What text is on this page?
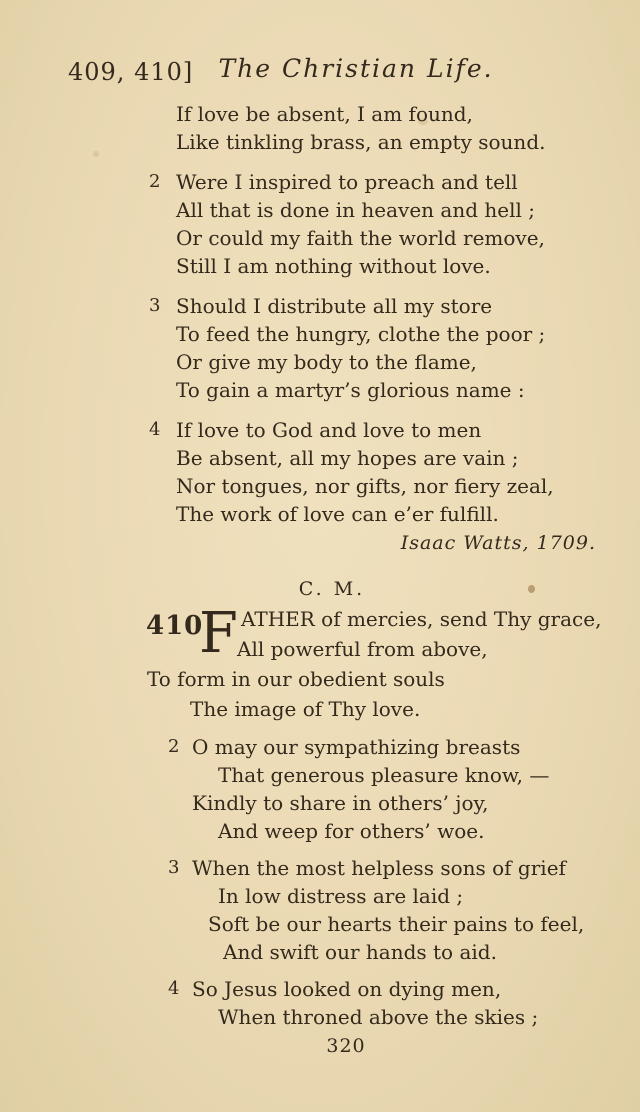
409, 410] The Christian Life.
If love be absent, I am found,
Like tinkling brass, an empty sound.
2 Were I inspired to preach and tell
All that is done in heaven and hell ;
Or could my faith the world remove,
Still I am nothing without love.
3 Should I distribute all my store
To feed the hungry, clothe the poor ;
Or give my body to the flame,
To gain a martyr’s glorious name :
4 If love to God and love to men
Be absent, all my hopes are vain ;
Nor tongues, nor gifts, nor fiery zeal,
The work of love can e’er fulfill.
Isaac Watts, 1709.
C. M.
410
F ATHER of mercies, send Thy grace,
All powerful from above,
To form in our obedient souls
The image of Thy love.
2 O may our sympathizing breasts
That generous pleasure know, —
Kindly to share in others’ joy,
And weep for others’ woe.
3 When the most helpless sons of grief
In low distress are laid ;
Soft be our hearts their pains to feel,
And swift our hands to aid.
4 So Jesus looked on dying men,
When throned above the skies ;
320
